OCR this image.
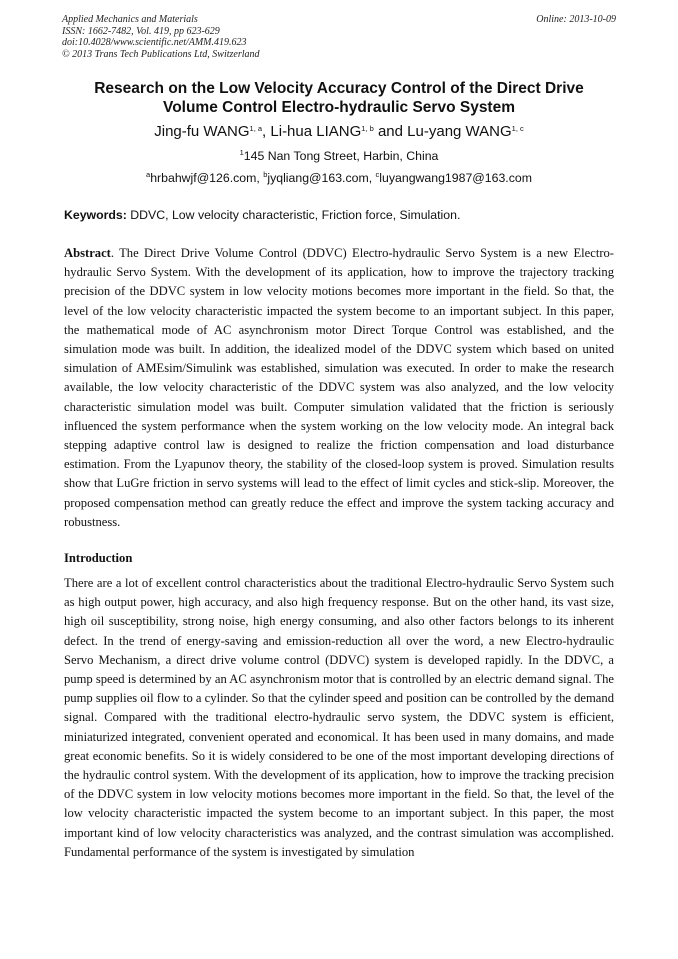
Applied Mechanics and Materials
ISSN: 1662-7482, Vol. 419, pp 623-629
doi:10.4028/www.scientific.net/AMM.419.623
© 2013 Trans Tech Publications Ltd, Switzerland
Online: 2013-10-09
Research on the Low Velocity Accuracy Control of the Direct Drive
Volume Control Electro-hydraulic Servo System
Jing-fu WANG$^{1, a}$, Li-hua LIANG$^{1, b}$ and Lu-yang WANG$^{1, c}$
$^1$145 Nan Tong Street, Harbin, China
$^a$hrbahwjf@126.com, $^b$jyqliang@163.com, $^c$luyangwang1987@163.com
Keywords: DDVC, Low velocity characteristic, Friction force, Simulation.
Abstract. The Direct Drive Volume Control (DDVC) Electro-hydraulic Servo System is a new Electro-hydraulic Servo System. With the development of its application, how to improve the trajectory tracking precision of the DDVC system in low velocity motions becomes more important in the field. So that, the level of the low velocity characteristic impacted the system become to an important subject. In this paper, the mathematical mode of AC asynchronism motor Direct Torque Control was established, and the simulation mode was built. In addition, the idealized model of the DDVC system which based on united simulation of AMEsim/Simulink was established, simulation was executed. In order to make the research available, the low velocity characteristic of the DDVC system was also analyzed, and the low velocity characteristic simulation model was built. Computer simulation validated that the friction is seriously influenced the system performance when the system working on the low velocity mode. An integral back stepping adaptive control law is designed to realize the friction compensation and load disturbance estimation. From the Lyapunov theory, the stability of the closed-loop system is proved. Simulation results show that LuGre friction in servo systems will lead to the effect of limit cycles and stick-slip. Moreover, the proposed compensation method can greatly reduce the effect and improve the system tacking accuracy and robustness.
Introduction
There are a lot of excellent control characteristics about the traditional Electro-hydraulic Servo System such as high output power, high accuracy, and also high frequency response. But on the other hand, its vast size, high oil susceptibility, strong noise, high energy consuming, and also other factors belongs to its inherent defect. In the trend of energy-saving and emission-reduction all over the word, a new Electro-hydraulic Servo Mechanism, a direct drive volume control (DDVC) system is developed rapidly. In the DDVC, a pump speed is determined by an AC asynchronism motor that is controlled by an electric demand signal. The pump supplies oil flow to a cylinder. So that the cylinder speed and position can be controlled by the demand signal. Compared with the traditional electro-hydraulic servo system, the DDVC system is efficient, miniaturized integrated, convenient operated and economical. It has been used in many domains, and made great economic benefits. So it is widely considered to be one of the most important developing directions of the hydraulic control system. With the development of its application, how to improve the tracking precision of the DDVC system in low velocity motions becomes more important in the field. So that, the level of the low velocity characteristic impacted the system become to an important subject. In this paper, the most important kind of low velocity characteristics was analyzed, and the contrast simulation was accomplished. Fundamental performance of the system is investigated by simulation
